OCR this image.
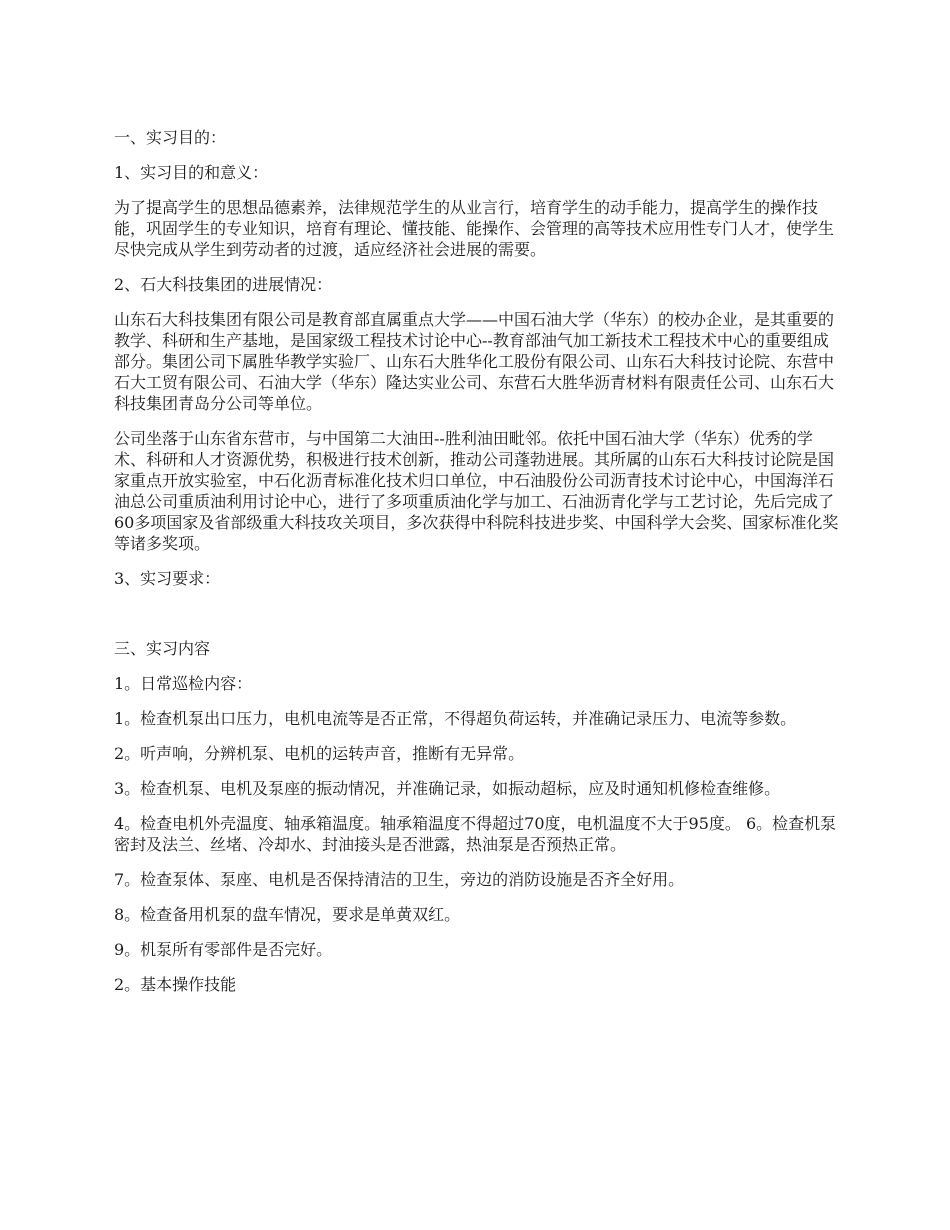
一、实习目的：

1、实习目的和意义：

为了提高学生的思想品德素养，法律规范学生的从业言行，培育学生的动手能力，提高学生的操作技能，巩固学生的专业知识，培育有理论、懂技能、能操作、会管理的高等技术应用性专门人才，使学生尽快完成从学生到劳动者的过渡，适应经济社会进展的需要。

2、石大科技集团的进展情况：

山东石大科技集团有限公司是教育部直属重点大学——中国石油大学（华东）的校办企业，是其重要的教学、科研和生产基地，是国家级工程技术讨论中心--教育部油气加工新技术工程技术中心的重要组成部分。集团公司下属胜华教学实验厂、山东石大胜华化工股份有限公司、山东石大科技讨论院、东营中石大工贸有限公司、石油大学（华东）隆达实业公司、东营石大胜华沥青材料有限责任公司、山东石大科技集团青岛分公司等单位。

公司坐落于山东省东营市，与中国第二大油田--胜利油田毗邻。依托中国石油大学（华东）优秀的学术、科研和人才资源优势，积极进行技术创新，推动公司蓬勃进展。其所属的山东石大科技讨论院是国家重点开放实验室，中石化沥青标准化技术归口单位，中石油股份公司沥青技术讨论中心，中国海洋石油总公司重质油利用讨论中心，进行了多项重质油化学与加工、石油沥青化学与工艺讨论，先后完成了60多项国家及省部级重大科技攻关项目，多次获得中科院科技进步奖、中国科学大会奖、国家标准化奖等诸多奖项。

3、实习要求：

三、实习内容

1。日常巡检内容：

1。检查机泵出口压力，电机电流等是否正常，不得超负荷运转，并准确记录压力、电流等参数。

2。听声响，分辨机泵、电机的运转声音，推断有无异常。

3。检查机泵、电机及泵座的振动情况，并准确记录，如振动超标，应及时通知机修检查维修。

4。检查电机外壳温度、轴承箱温度。轴承箱温度不得超过70度，电机温度不大于95度。 6。检查机泵密封及法兰、丝堵、冷却水、封油接头是否泄露，热油泵是否预热正常。

7。检查泵体、泵座、电机是否保持清洁的卫生，旁边的消防设施是否齐全好用。

8。检查备用机泵的盘车情况，要求是单黄双红。

9。机泵所有零部件是否完好。

2。基本操作技能
